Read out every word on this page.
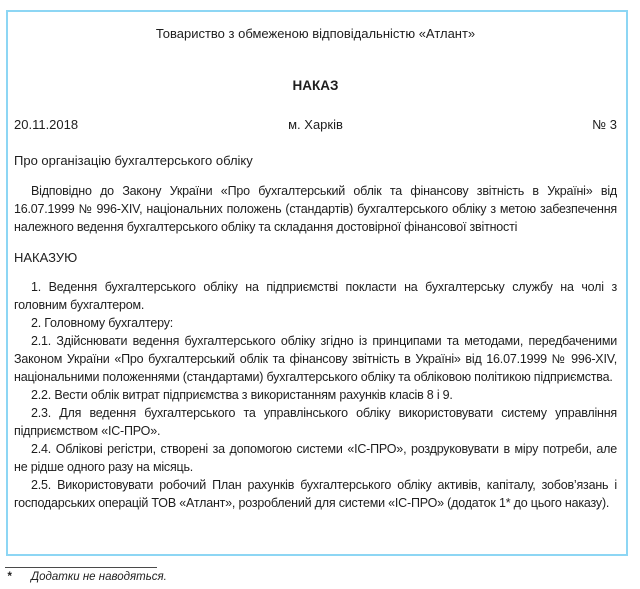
Товариство з обмеженою відповідальністю «Атлант»
НАКАЗ
20.11.2018	м. Харків	№ 3
Про організацію бухгалтерського обліку
Відповідно до Закону України «Про бухгалтерський облік та фінансову звітність в Україні» від 16.07.1999 № 996-XIV, національних положень (стандартів) бухгалтерського обліку з метою забезпечення належного ведення бухгалтерського обліку та складання достовірної фінансової звітності
НАКАЗУЮ

1. Ведення бухгалтерського обліку на підприємстві покласти на бухгалтерську службу на чолі з головним бухгалтером.

2. Головному бухгалтеру:

2.1. Здійснювати ведення бухгалтерського обліку згідно із принципами та методами, передбаченими Законом України «Про бухгалтерський облік та фінансову звітність в Україні» від 16.07.1999 № 996-XIV, національними положеннями (стандартами) бухгалтерського обліку та обліковою політикою підприємства.

2.2. Вести облік витрат підприємства з використанням рахунків класів 8 і 9.

2.3. Для ведення бухгалтерського та управлінського обліку використовувати систему управління підприємством «ІС-ПРО».

2.4. Облікові регістри, створені за допомогою системи «ІС-ПРО», роздруковувати в міру потреби, але не рідше одного разу на місяць.

2.5. Використовувати робочий План рахунків бухгалтерського обліку активів, капіталу, зобов’язань і господарських операцій ТОВ «Атлант», розроблений для системи «ІС-ПРО» (додаток 1* до цього наказу).

*	Додатки не наводяться.
